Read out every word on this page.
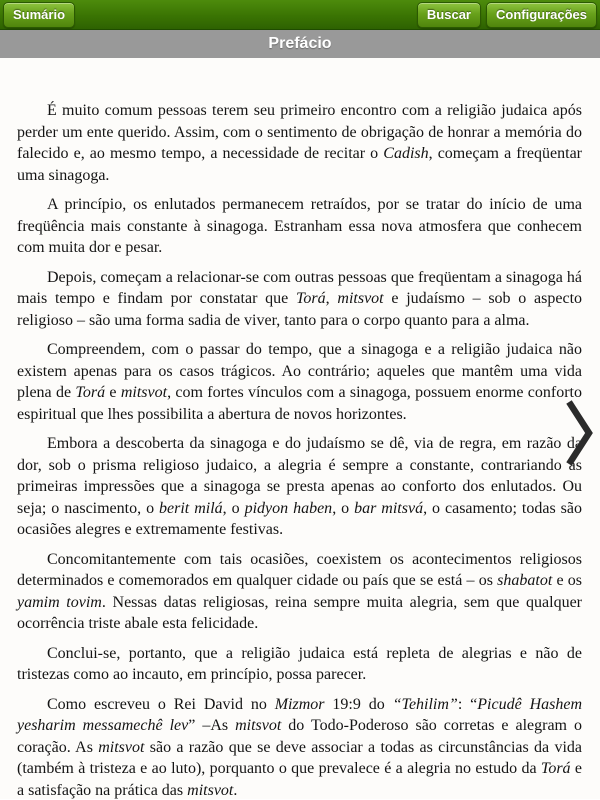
Sumário	Buscar	Configurações
Prefácio

É muito comum pessoas terem seu primeiro encontro com a religião judaica após perder um ente querido. Assim, com o sentimento de obrigação de honrar a memória do falecido e, ao mesmo tempo, a necessidade de recitar o Cadish, começam a freqüentar uma sinagoga.

A princípio, os enlutados permanecem retraídos, por se tratar do início de uma freqüência mais constante à sinagoga. Estranham essa nova atmosfera que conhecem com muita dor e pesar.

Depois, começam a relacionar-se com outras pessoas que freqüentam a sinagoga há mais tempo e findam por constatar que Torá, mitsvot e judaísmo – sob o aspecto religioso – são uma forma sadia de viver, tanto para o corpo quanto para a alma.

Compreendem, com o passar do tempo, que a sinagoga e a religião judaica não existem apenas para os casos trágicos. Ao contrário; aqueles que mantêm uma vida plena de Torá e mitsvot, com fortes vínculos com a sinagoga, possuem enorme conforto espiritual que lhes possibilita a abertura de novos horizontes.

Embora a descoberta da sinagoga e do judaísmo se dê, via de regra, em razão da dor, sob o prisma religioso judaico, a alegria é sempre a constante, contrariando as primeiras impressões que a sinagoga se presta apenas ao conforto dos enlutados. Ou seja; o nascimento, o berit milá, o pidyon haben, o bar mitsvá, o casamento; todas são ocasiões alegres e extremamente festivas.

Concomitantemente com tais ocasiões, coexistem os acontecimentos religiosos determinados e comemorados em qualquer cidade ou país que se está – os shabatot e os yamim tovim. Nessas datas religiosas, reina sempre muita alegria, sem que qualquer ocorrência triste abale esta felicidade.

Conclui-se, portanto, que a religião judaica está repleta de alegrias e não de tristezas como ao incauto, em princípio, possa parecer.

Como escreveu o Rei David no Mizmor 19:9 do “Tehilim”: “Picudê Hashem yesharim messamechê lev” –As mitsvot do Todo-Poderoso são corretas e alegram o coração. As mitsvot são a razão que se deve associar a todas as circunstâncias da vida (também à tristeza e ao luto), porquanto o que prevalece é a alegria no estudo da Torá e a satisfação na prática das mitsvot.
